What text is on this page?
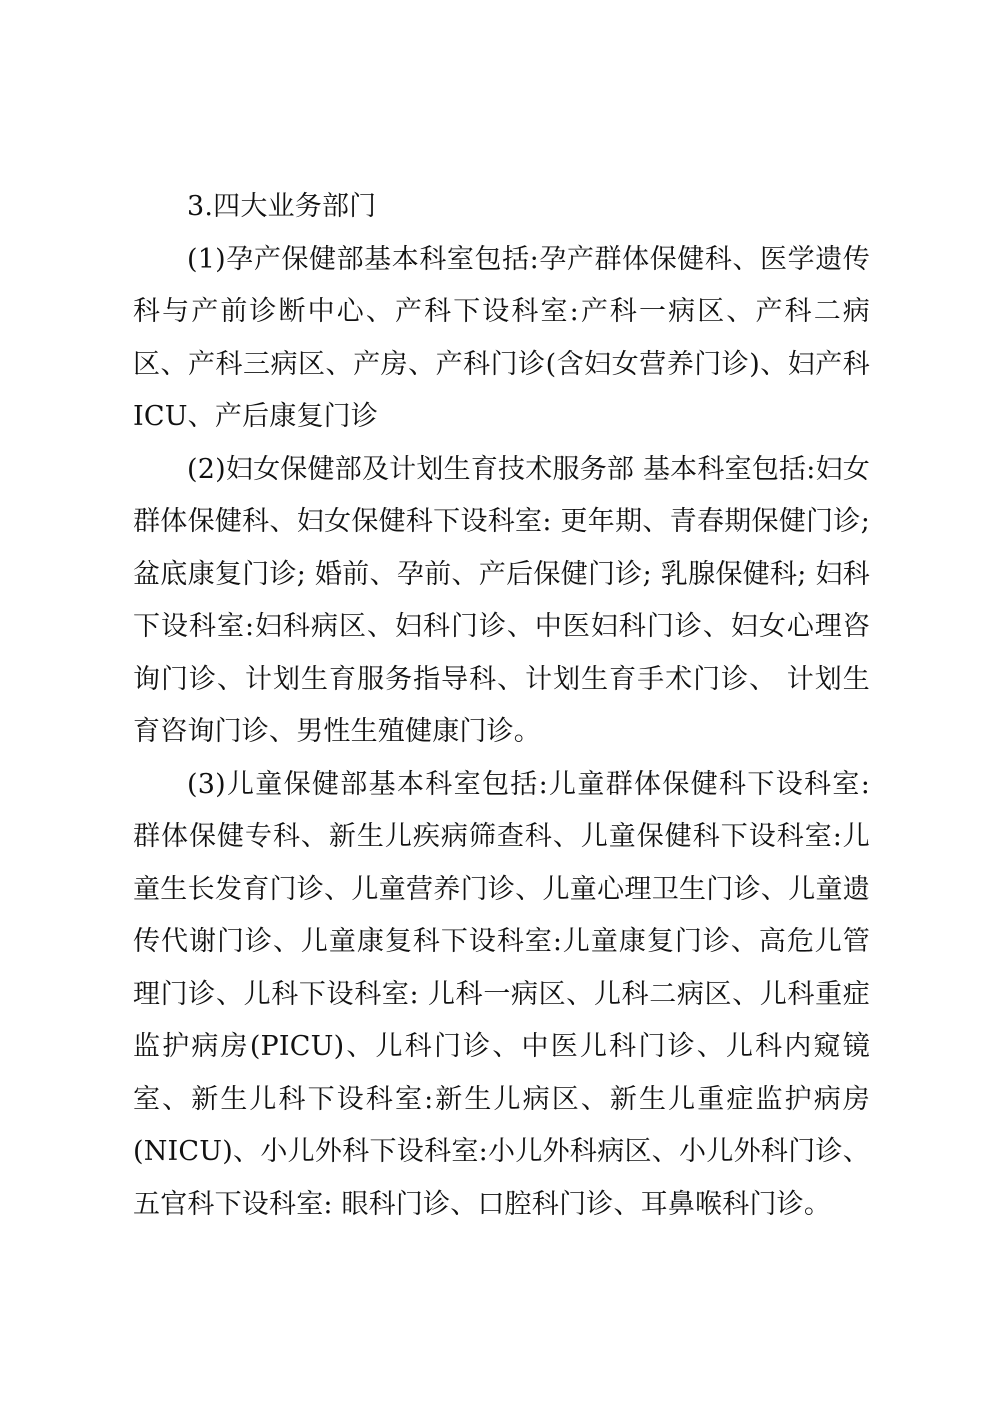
3.四大业务部门

(1)孕产保健部基本科室包括:孕产群体保健科、医学遗传科与产前诊断中心、产科下设科室:产科一病区、产科二病区、产科三病区、产房、产科门诊(含妇女营养门诊)、妇产科 ICU、产后康复门诊

(2)妇女保健部及计划生育技术服务部 基本科室包括:妇女群体保健科、妇女保健科下设科室: 更年期、青春期保健门诊; 盆底康复门诊; 婚前、孕前、产后保健门诊; 乳腺保健科; 妇科下设科室:妇科病区、妇科门诊、中医妇科门诊、妇女心理咨询门诊、计划生育服务指导科、计划生育手术门诊、 计划生育咨询门诊、男性生殖健康门诊。

(3)儿童保健部基本科室包括:儿童群体保健科下设科室:群体保健专科、新生儿疾病筛查科、儿童保健科下设科室:儿童生长发育门诊、儿童营养门诊、儿童心理卫生门诊、儿童遗传代谢门诊、儿童康复科下设科室:儿童康复门诊、高危儿管理门诊、儿科下设科室: 儿科一病区、儿科二病区、儿科重症监护病房(PICU)、儿科门诊、中医儿科门诊、儿科内窥镜室、新生儿科下设科室:新生儿病区、新生儿重症监护病房(NICU)、小儿外科下设科室:小儿外科病区、小儿外科门诊、五官科下设科室: 眼科门诊、口腔科门诊、耳鼻喉科门诊。
